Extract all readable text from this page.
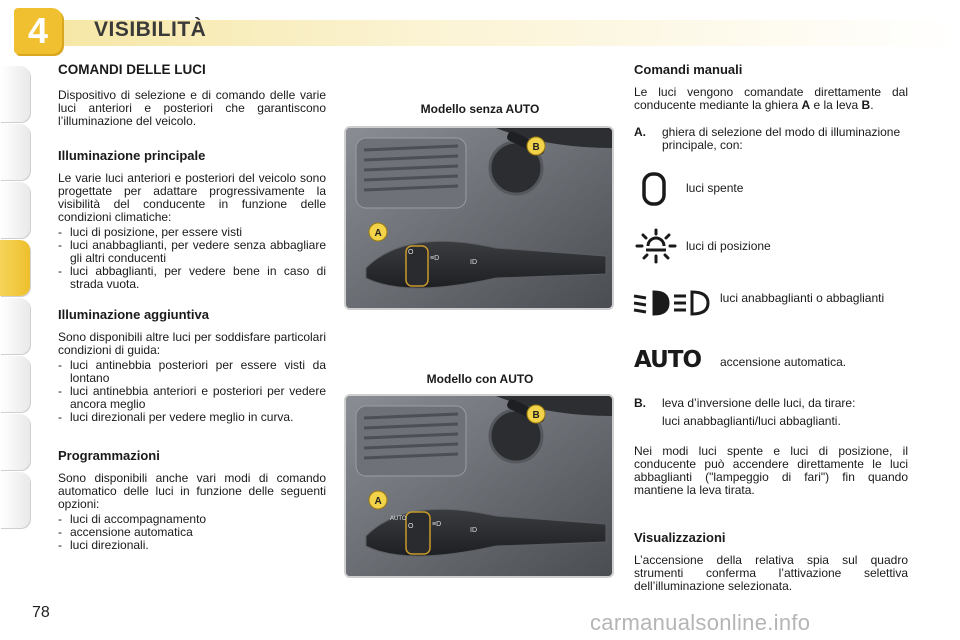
4	VISIBILITÀ
COMANDI DELLE LUCI

Dispositivo di selezione e di comando delle varie luci anteriori e posteriori che garantiscono l’illuminazione del veicolo.

Illuminazione principale

Le varie luci anteriori e posteriori del veicolo sono progettate per adattare progressivamente la visibilità del conducente in funzione delle condizioni climatiche:

- luci di posizione, per essere visti
- luci anabbaglianti, per vedere senza abbagliare gli altri conducenti
- luci abbaglianti, per vedere bene in caso di strada vuota.
Illuminazione aggiuntiva

Sono disponibili altre luci per soddisfare particolari condizioni di guida:

- luci antinebbia posteriori per essere visti da lontano
- luci antinebbia anteriori e posteriori per vedere ancora meglio
- luci direzionali per vedere meglio in curva.
Programmazioni

Sono disponibili anche vari modi di comando automatico delle luci in funzione delle seguenti opzioni:

- luci di accompagnamento
- accensione automatica
- luci direzionali.
Modello senza AUTO
O
≡D
ID
A
B
Modello con AUTO
AUTO
O	≡D
ID
A
B
Comandi manuali

Le luci vengono comandate direttamente dal conducente mediante la ghiera A e la leva B.

A.	ghiera di selezione del modo di illuminazione principale, con:
luci spente
luci di posizione
luci anabbaglianti o abbaglianti
AUTO accensione automatica.
B.	leva d’inversione delle luci, da tirare:
luci anabbaglianti/luci abbaglianti.

Nei modi luci spente e luci di posizione, il conducente può accendere direttamente le luci abbaglianti ("lampeggio di fari") fin quando mantiene la leva tirata.

Visualizzazioni

L’accensione della relativa spia sul quadro strumenti conferma l’attivazione selettiva dell’illuminazione selezionata.

78	carmanualsonline.info
